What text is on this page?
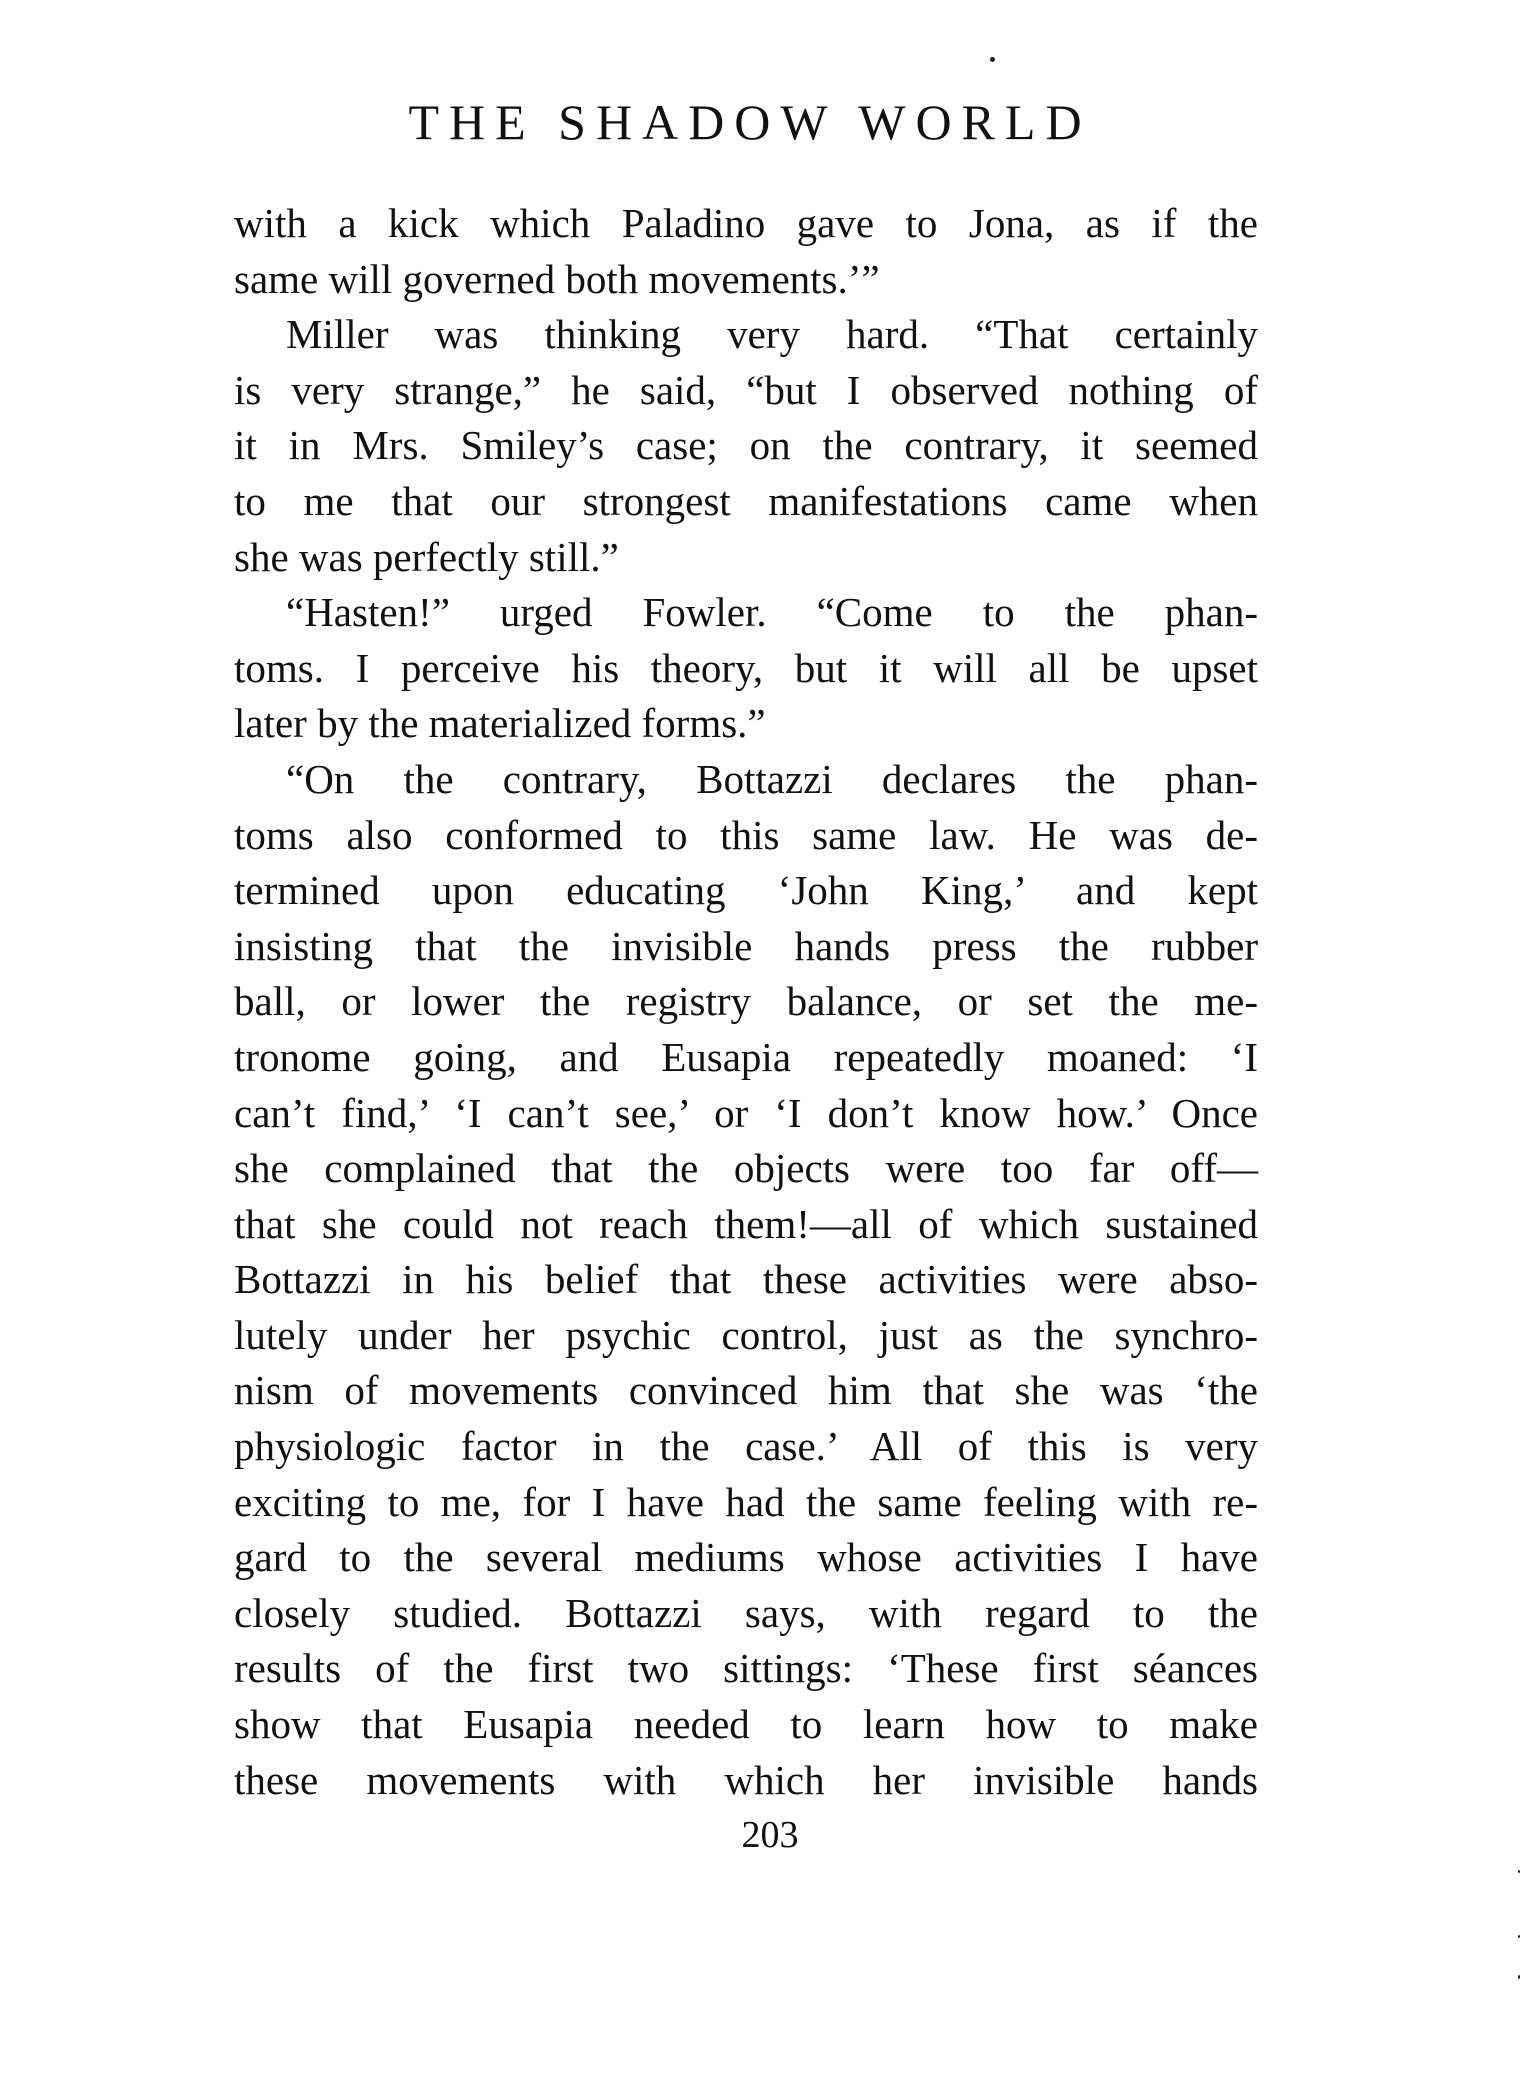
THE SHADOW WORLD
with a kick which Paladino gave to Jona, as if the
same will governed both movements.’”
Miller was thinking very hard. “That certainly
is very strange,” he said, “but I observed nothing of
it in Mrs. Smiley’s case; on the contrary, it seemed
to me that our strongest manifestations came when
she was perfectly still.”
“Hasten!” urged Fowler. “Come to the phan-
toms. I perceive his theory, but it will all be upset
later by the materialized forms.”
“On the contrary, Bottazzi declares the phan-
toms also conformed to this same law. He was de-
termined upon educating ‘John King,’ and kept
insisting that the invisible hands press the rubber
ball, or lower the registry balance, or set the me-
tronome going, and Eusapia repeatedly moaned: ‘I
can’t find,’ ‘I can’t see,’ or ‘I don’t know how.’ Once
she complained that the objects were too far off—
that she could not reach them!—all of which sustained
Bottazzi in his belief that these activities were abso-
lutely under her psychic control, just as the synchro-
nism of movements convinced him that she was ‘the
physiologic factor in the case.’ All of this is very
exciting to me, for I have had the same feeling with re-
gard to the several mediums whose activities I have
closely studied. Bottazzi says, with regard to the
results of the first two sittings: ‘These first séances
show that Eusapia needed to learn how to make
these movements with which her invisible hands
203
